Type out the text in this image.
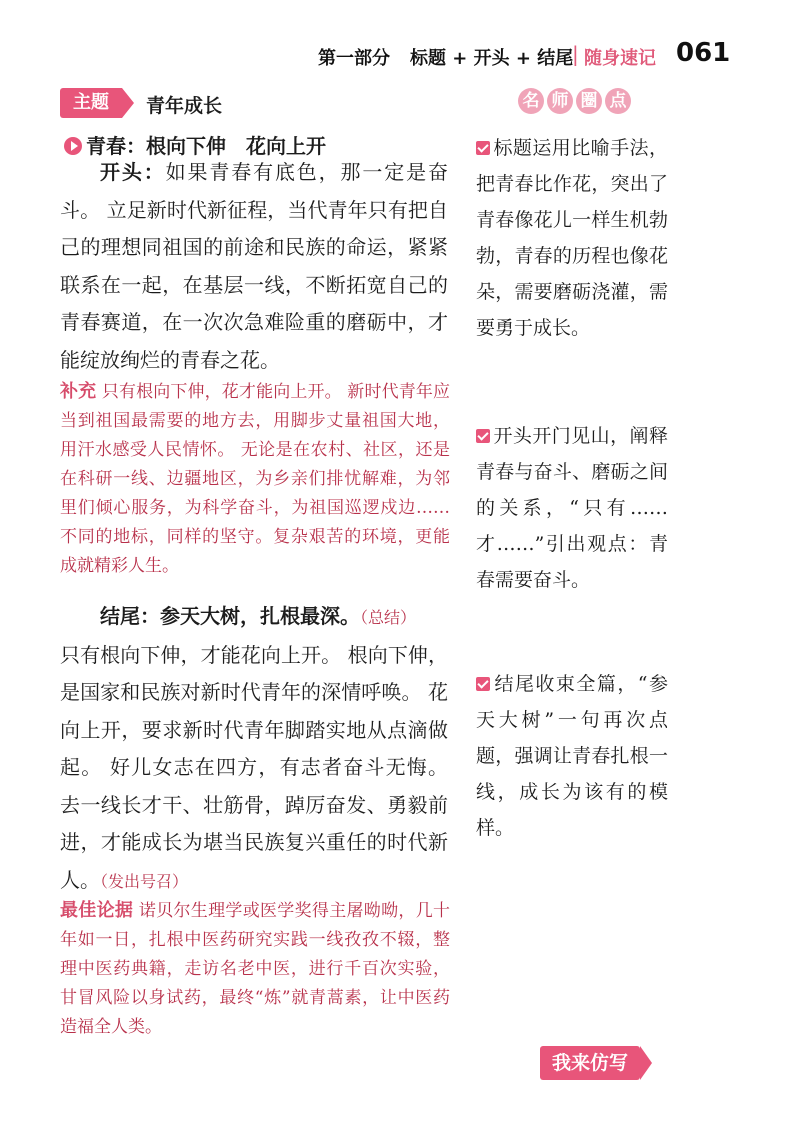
第一部分 标题 + 开头 + 结尾
| 随身速记 061
主题	青年成长	名 师 圈 点
青春：根向下伸　花向上开

开头：如果青春有底色，那一定是奋斗。 立足新时代新征程，当代青年只有把自己的理想同祖国的前途和民族的命运，紧紧联系在一起，在基层一线，不断拓宽自己的青春赛道，在一次次急难险重的磨砺中，才能绽放绚烂的青春之花。

补充 只有根向下伸，花才能向上开。 新时代青年应当到祖国最需要的地方去，用脚步丈量祖国大地，用汗水感受人民情怀。 无论是在农村、社区，还是在科研一线、边疆地区，为乡亲们排忧解难，为邻里们倾心服务，为科学奋斗，为祖国巡逻戍边……不同的地标，同样的坚守。复杂艰苦的环境，更能成就精彩人生。

结尾：参天大树，扎根最深。（总结）

只有根向下伸，才能花向上开。 根向下伸，是国家和民族对新时代青年的深情呼唤。 花向上开，要求新时代青年脚踏实地从点滴做起。 好儿女志在四方，有志者奋斗无悔。 去一线长才干、壮筋骨，踔厉奋发、勇毅前进，才能成长为堪当民族复兴重任的时代新人。（发出号召）

最佳论据 诺贝尔生理学或医学奖得主屠呦呦，几十年如一日，扎根中医药研究实践一线孜孜不辍，整理中医药典籍，走访名老中医，进行千百次实验，甘冒风险以身试药，最终“炼”就青蒿素，让中医药造福全人类。

标题运用比喻手法，把青春比作花，突出了青春像花儿一样生机勃勃，青春的历程也像花朵，需要磨砺浇灌，需要勇于成长。

开头开门见山，阐释青春与奋斗、磨砺之间的关系，“只有……才……”引出观点：青春需要奋斗。

结尾收束全篇，“参天大树”一句再次点题，强调让青春扎根一线，成长为该有的模样。

我来仿写
